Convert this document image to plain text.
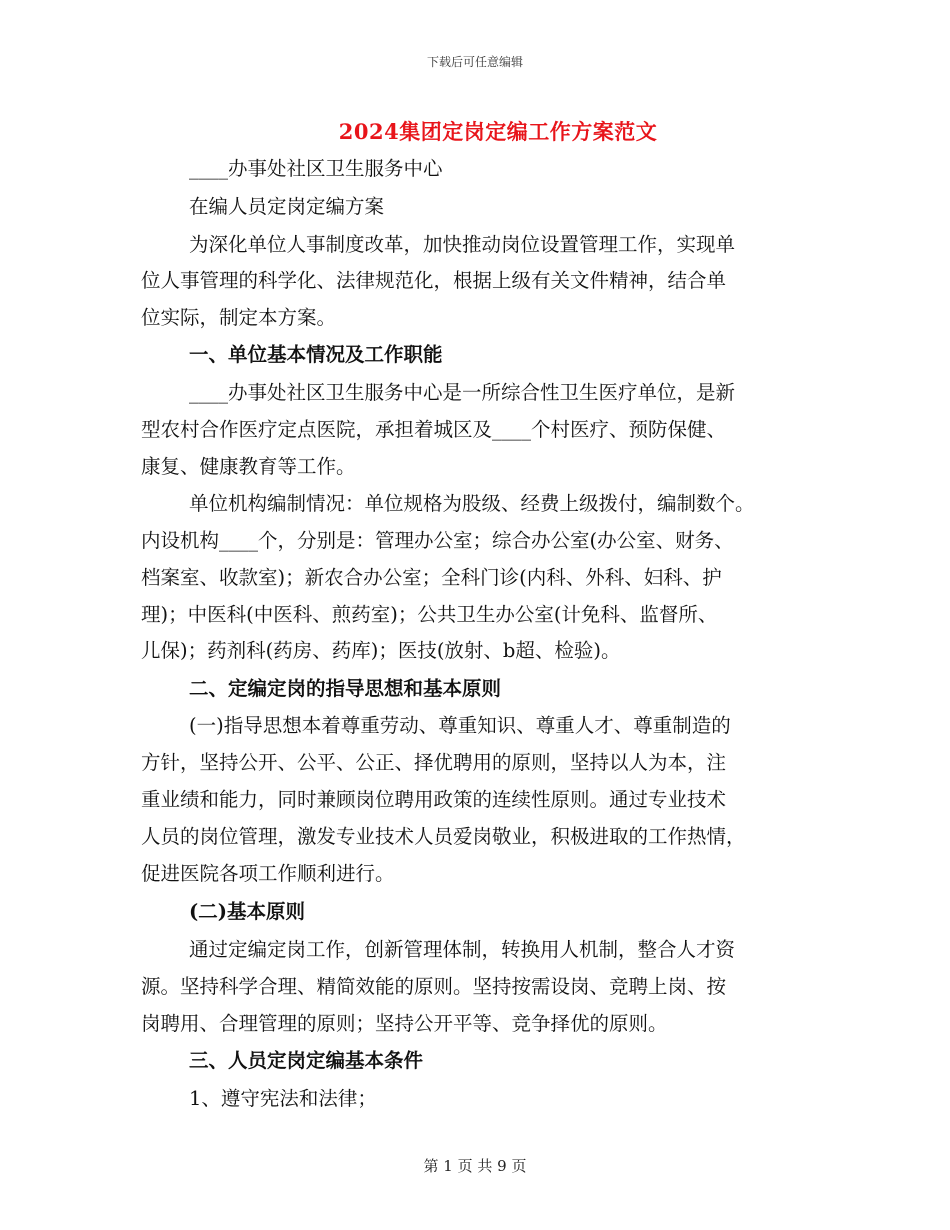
下载后可任意编辑
2024集团定岗定编工作方案范文
____办事处社区卫生服务中心
在编人员定岗定编方案
为深化单位人事制度改革，加快推动岗位设置管理工作，实现单
位人事管理的科学化、法律规范化，根据上级有关文件精神，结合单
位实际，制定本方案。
一、单位基本情况及工作职能
____办事处社区卫生服务中心是一所综合性卫生医疗单位，是新
型农村合作医疗定点医院，承担着城区及____个村医疗、预防保健、
康复、健康教育等工作。
单位机构编制情况：单位规格为股级、经费上级拨付，编制数个。
内设机构____个，分别是：管理办公室；综合办公室(办公室、财务、
档案室、收款室)；新农合办公室；全科门诊(内科、外科、妇科、护
理)；中医科(中医科、煎药室)；公共卫生办公室(计免科、监督所、
儿保)；药剂科(药房、药库)；医技(放射、b超、检验)。
二、定编定岗的指导思想和基本原则
(一)指导思想本着尊重劳动、尊重知识、尊重人才、尊重制造的
方针，坚持公开、公平、公正、择优聘用的原则，坚持以人为本，注
重业绩和能力，同时兼顾岗位聘用政策的连续性原则。通过专业技术
人员的岗位管理，激发专业技术人员爱岗敬业，积极进取的工作热情，
促进医院各项工作顺利进行。
(二)基本原则
通过定编定岗工作，创新管理体制，转换用人机制，整合人才资
源。坚持科学合理、精简效能的原则。坚持按需设岗、竞聘上岗、按
岗聘用、合理管理的原则；坚持公开平等、竞争择优的原则。
三、人员定岗定编基本条件
1、遵守宪法和法律；
第 1 页 共 9 页
